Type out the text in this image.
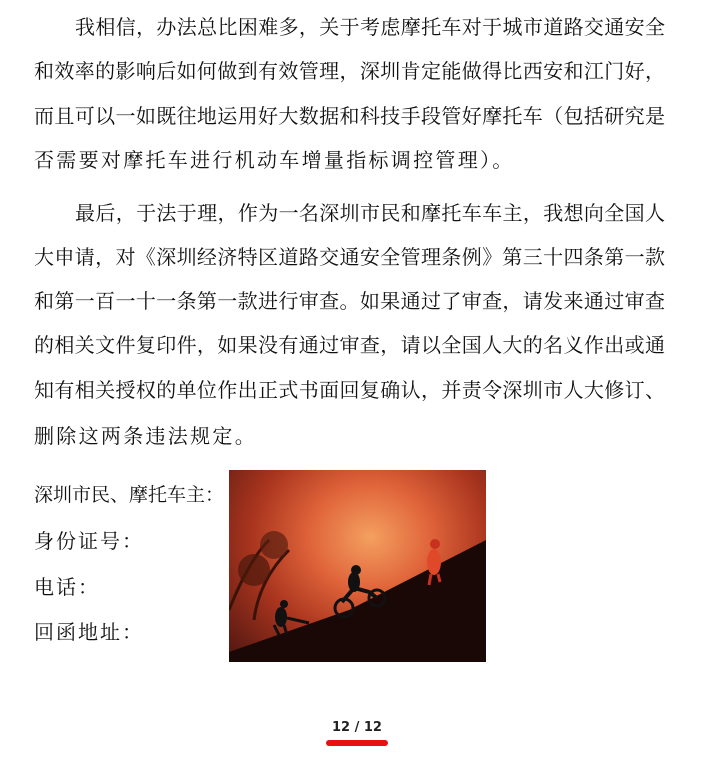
我相信，办法总比困难多，关于考虑摩托车对于城市道路交通安全
和效率的影响后如何做到有效管理，深圳肯定能做得比西安和江门好，
而且可以一如既往地运用好大数据和科技手段管好摩托车（包括研究是
否需要对摩托车进行机动车增量指标调控管理）。
最后，于法于理，作为一名深圳市民和摩托车车主，我想向全国人
大申请，对《深圳经济特区道路交通安全管理条例》第三十四条第一款
和第一百一十一条第一款进行审查。如果通过了审查，请发来通过审查
的相关文件复印件，如果没有通过审查，请以全国人大的名义作出或通
知有相关授权的单位作出正式书面回复确认，并责令深圳市人大修订、
删除这两条违法规定。
深圳市民、摩托车主：
身份证号：
电话：
回函地址：
12 / 12
